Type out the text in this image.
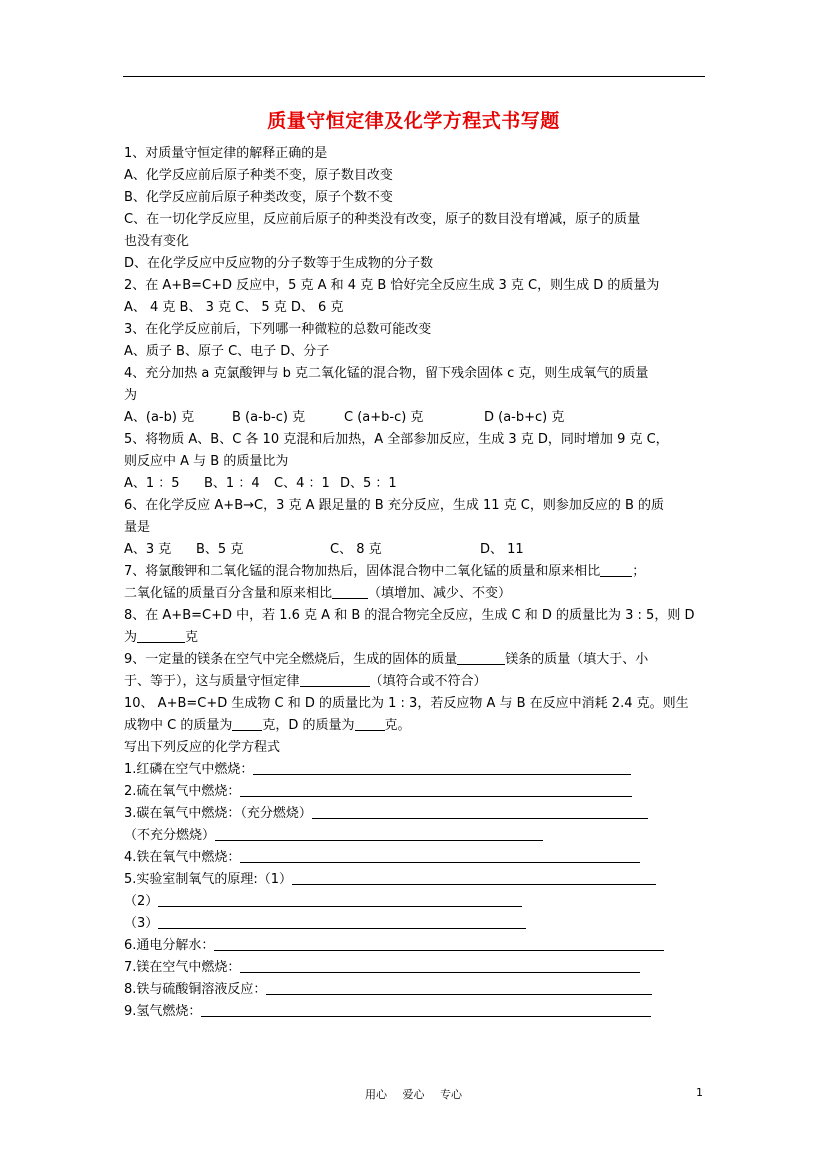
质量守恒定律及化学方程式书写题
1、对质量守恒定律的解释正确的是
A、化学反应前后原子种类不变，原子数目改变
B、化学反应前后原子种类改变，原子个数不变
C、在一切化学反应里，反应前后原子的种类没有改变，原子的数目没有增减，原子的质量
也没有变化
D、在化学反应中反应物的分子数等于生成物的分子数
2、在 A+B=C+D 反应中，5 克 A 和 4 克 B 恰好完全反应生成 3 克 C，则生成 D 的质量为
A、 4 克 B、 3 克 C、 5 克 D、 6 克
3、在化学反应前后，下列哪一种微粒的总数可能改变
A、质子 B、原子 C、电子 D、分子
4、充分加热 a 克氯酸钾与 b 克二氧化锰的混合物，留下残余固体 c 克，则生成氧气的质量
为
A、(a-b) 克	B (a-b-c) 克	C (a+b-c) 克	D (a-b+c) 克
5、将物质 A、B、C 各 10 克混和后加热，A 全部参加反应，生成 3 克 D，同时增加 9 克 C，
则反应中 A 与 B 的质量比为
A、1 ：5 B、1 ：4 C、4 ：1 D、5 ：1
6、在化学反应 A+B→C，3 克 A 跟足量的 B 充分反应，生成 11 克 C，则参加反应的 B 的质
量是
A、3 克 B、5 克	C、 8 克	D、 11
7、将氯酸钾和二氧化锰的混合物加热后，固体混合物中二氧化锰的质量和原来相比 ；
二氧化锰的质量百分含量和原来相比	（填增加、减少、不变）
8、在 A+B=C+D 中，若 1.6 克 A 和 B 的混合物完全反应，生成 C 和 D 的质量比为 3 : 5，则 D
为	克
9、一定量的镁条在空气中完全燃烧后，生成的固体的质量	镁条的质量（填大于、小
于、等于），这与质量守恒定律	（填符合或不符合）
10、 A+B=C+D 生成物 C 和 D 的质量比为 1 : 3，若反应物 A 与 B 在反应中消耗 2.4 克。则生
成物中 C 的质量为 克，D 的质量为 克。
写出下列反应的化学方程式
1.红磷在空气中燃烧：
2.硫在氧气中燃烧：
3.碳在氧气中燃烧：（充分燃烧）
（不充分燃烧）
4.铁在氧气中燃烧：
5.实验室制氧气的原理:（1）
（2）
（3）
6.通电分解水：
7.镁在空气中燃烧：
8.铁与硫酸铜溶液反应：
9.氢气燃烧：
用心 爱心 专心	1
